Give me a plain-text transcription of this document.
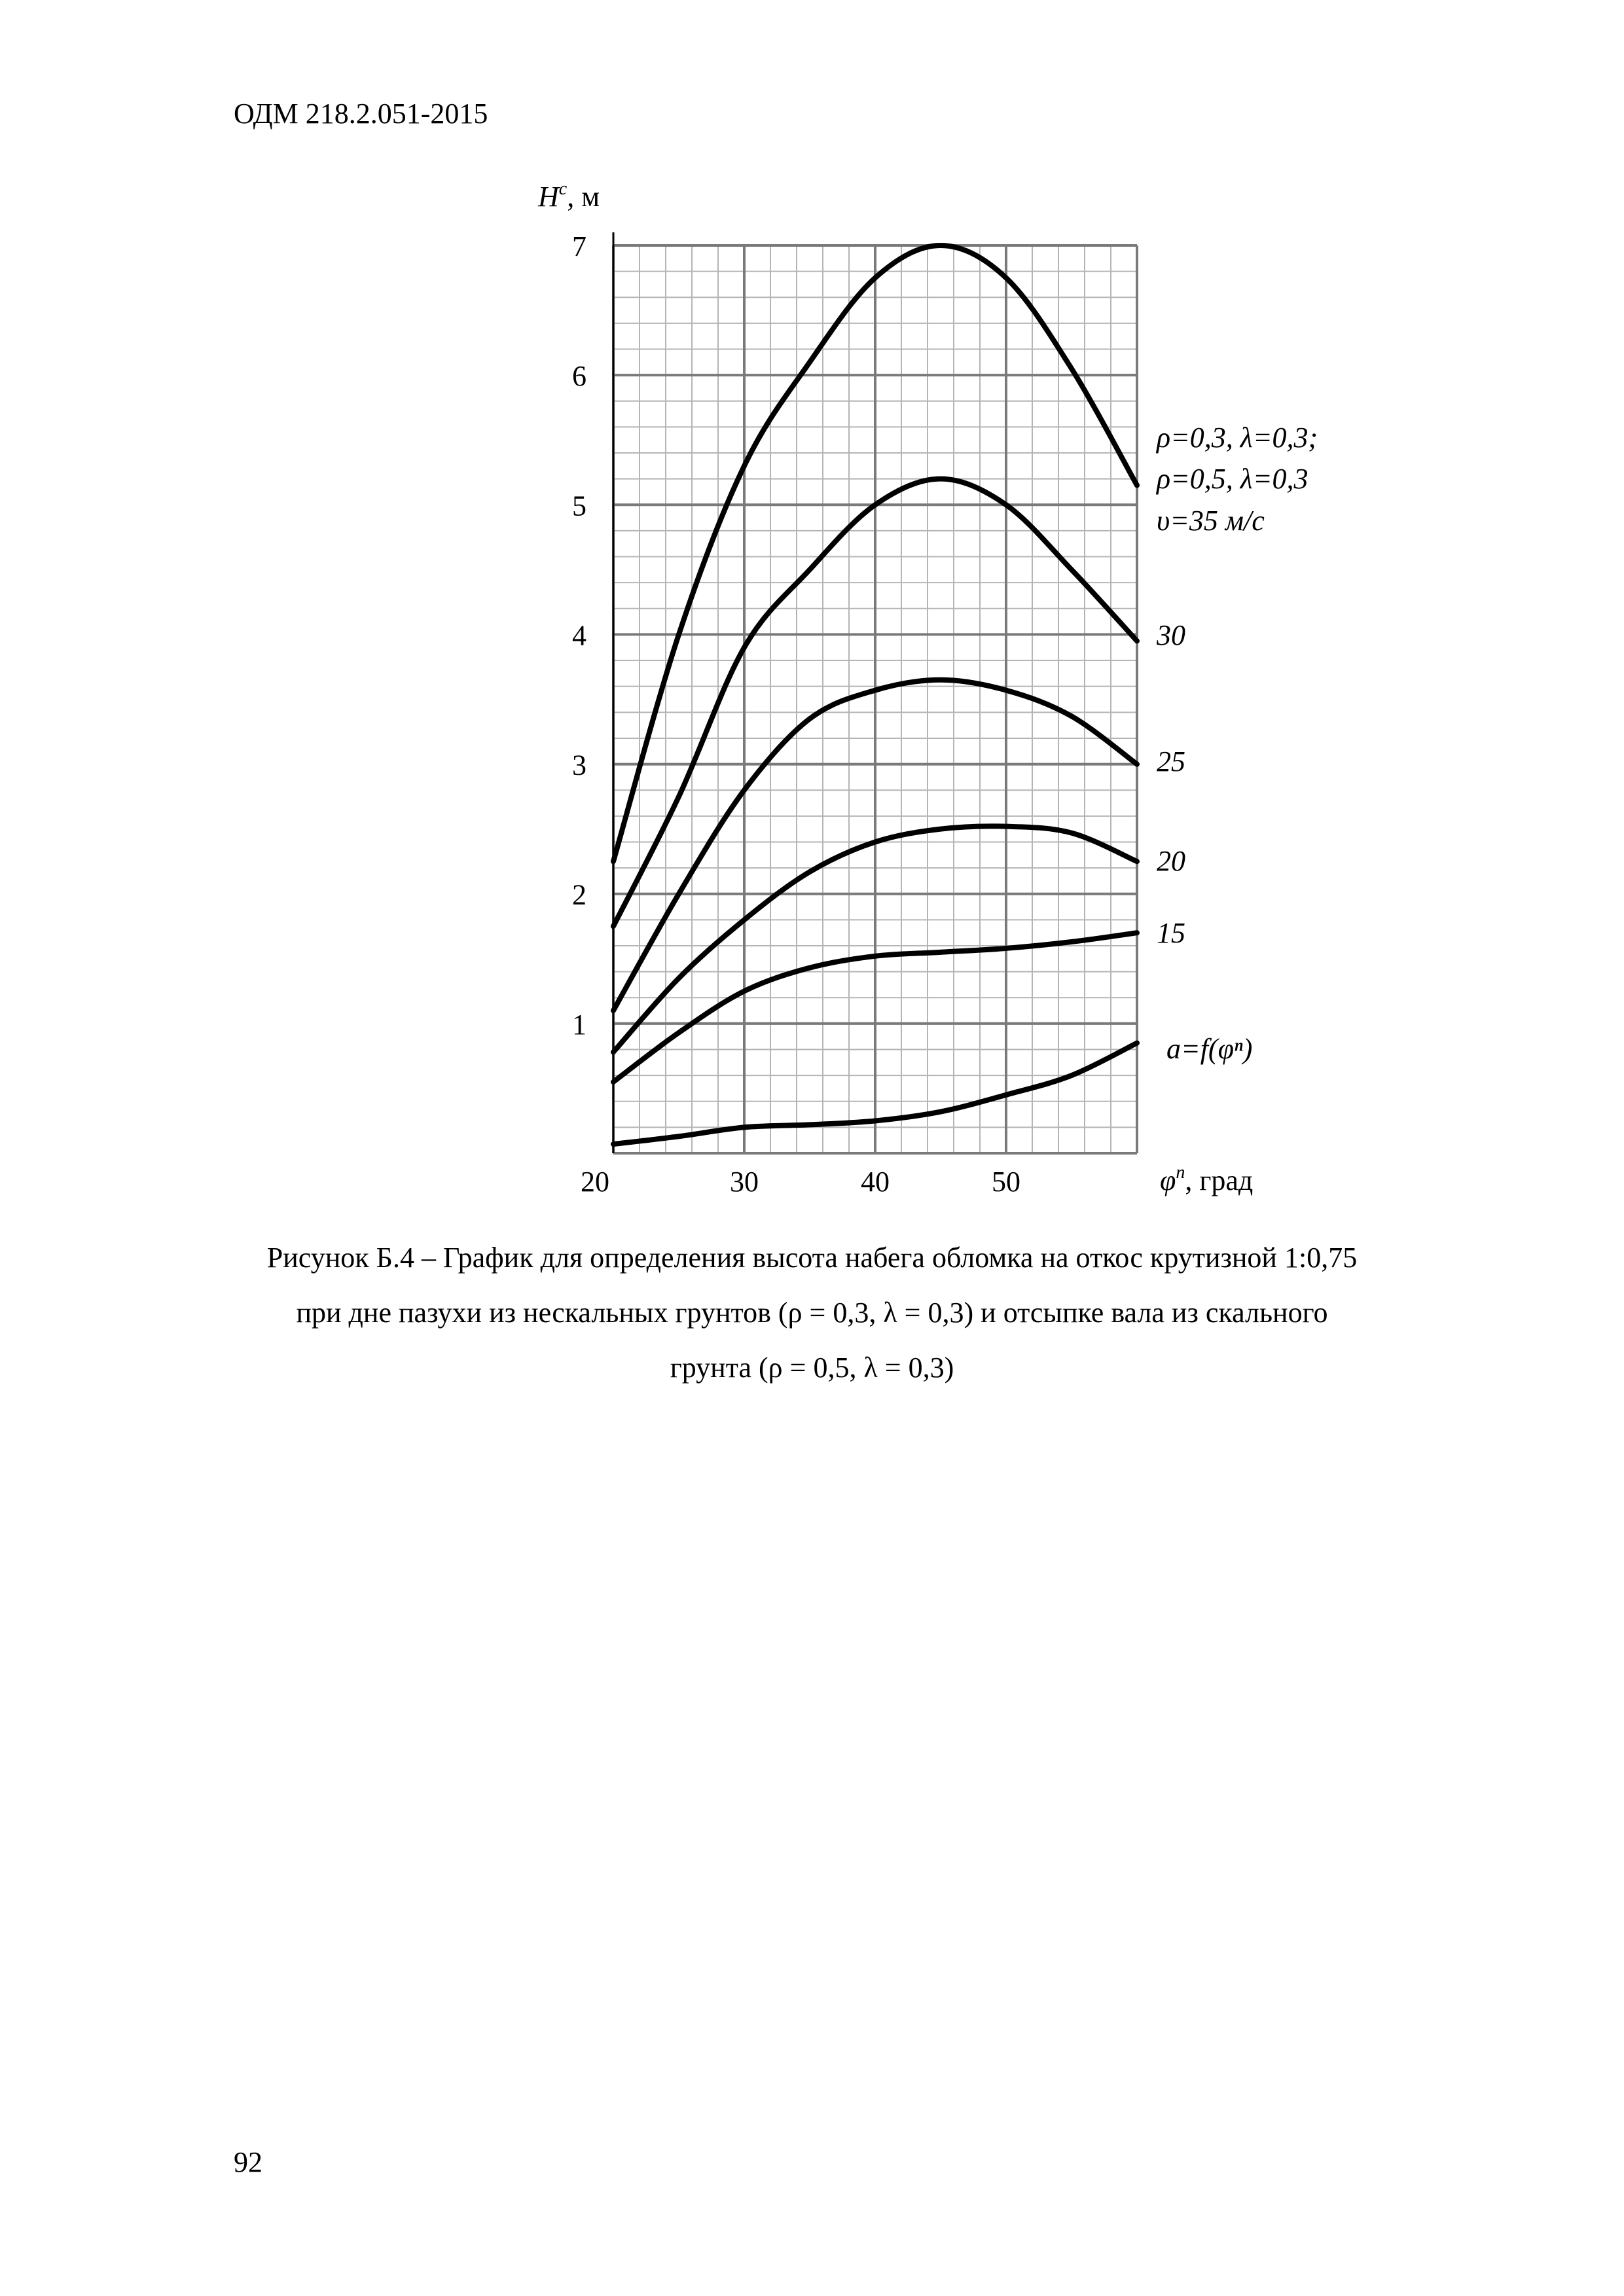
ОДМ 218.2.051-2015
1
2
3
4
5
6
7
20	30	40	50
$H^c$, м
$\varphi^n$, град
ρ=0,3, λ=0,3;
ρ=0,5, λ=0,3
υ=35 м/с
30
25
20
15
a=f(φⁿ)
Рисунок Б.4 – График для определения высота набега обломка на откос крутизной 1:0,75
при дне пазухи из нескальных грунтов (ρ = 0,3, λ = 0,3) и отсыпке вала из скального
грунта (ρ = 0,5, λ = 0,3)
92
